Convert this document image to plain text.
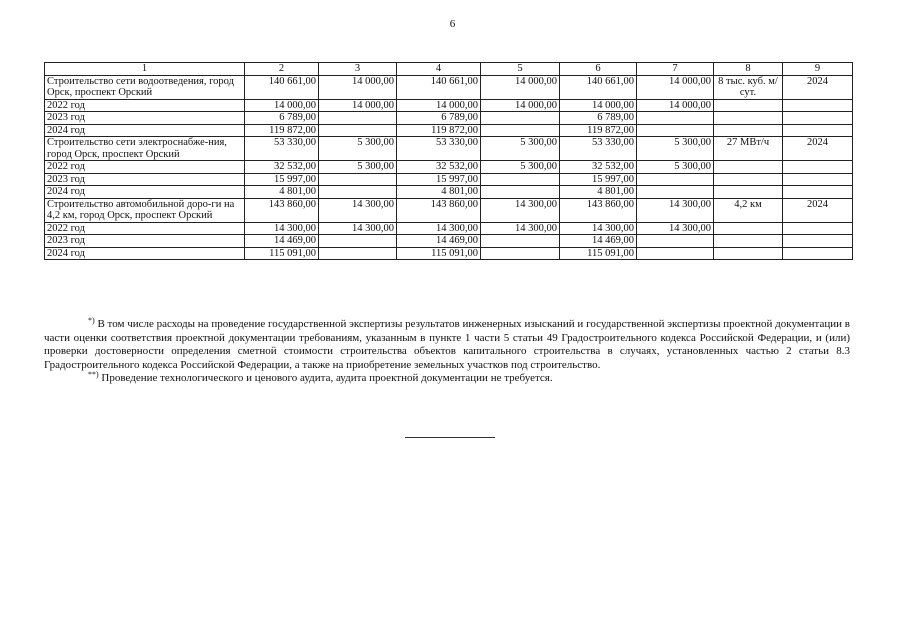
6
1	2	3	4	5	6	7	8	9
Строительство сети водоотведения, город Орск, проспект Орский	140 661,00	14 000,00	140 661,00	14 000,00	140 661,00	14 000,00	8 тыс. куб. м/сут.	2024
2022 год	14 000,00	14 000,00	14 000,00	14 000,00	14 000,00	14 000,00		
2023 год	6 789,00		6 789,00		6 789,00			
2024 год	119 872,00		119 872,00		119 872,00			
Строительство сети электроснабже-ния, город Орск, проспект Орский	53 330,00	5 300,00	53 330,00	5 300,00	53 330,00	5 300,00	27 МВт/ч	2024
2022 год	32 532,00	5 300,00	32 532,00	5 300,00	32 532,00	5 300,00		
2023 год	15 997,00		15 997,00		15 997,00			
2024 год	4 801,00		4 801,00		4 801,00			
Строительство автомобильной доро-ги на 4,2 км, город Орск, проспект Орский	143 860,00	14 300,00	143 860,00	14 300,00	143 860,00	14 300,00	4,2 км	2024
2022 год	14 300,00	14 300,00	14 300,00	14 300,00	14 300,00	14 300,00		
2023 год	14 469,00		14 469,00		14 469,00			
2024 год	115 091,00		115 091,00		115 091,00			

*) В том числе расходы на проведение государственной экспертизы результатов инженерных изысканий и государственной экспертизы проектной документации в части оценки соответствия проектной документации требованиям, указанным в пункте 1 части 5 статьи 49 Градостроительного кодекса Российской Федерации, и (или) проверки достоверности определения сметной стоимости строительства объектов капитального строительства в случаях, установленных частью 2 статьи 8.3 Градостроительного кодекса Российской Федерации, а также на приобретение земельных участков под строительство.

**) Проведение технологического и ценового аудита, аудита проектной документации не требуется.
